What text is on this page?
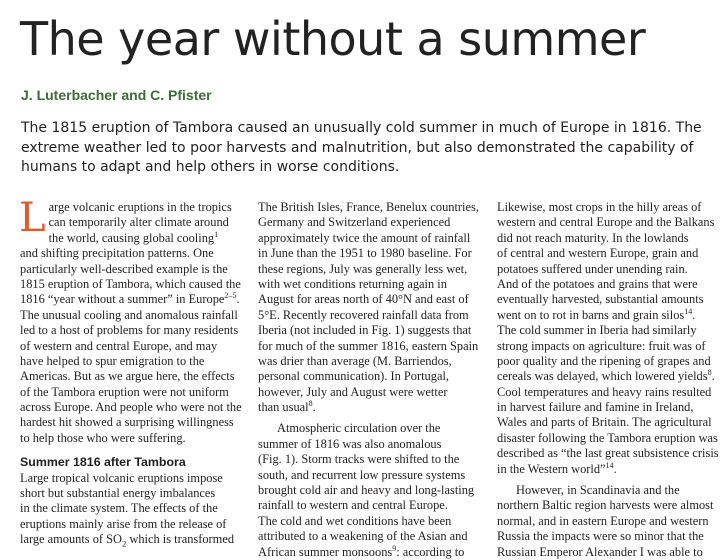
The year without a summer
J. Luterbacher and C. Pfister

The 1815 eruption of Tambora caused an unusually cold summer in much of Europe in 1816. The extreme weather led to poor harvests and malnutrition, but also demonstrated the capability of humans to adapt and help others in worse conditions.

L arge volcanic eruptions in the tropics
can temporarily alter climate around
the world, causing global cooling$^1$
and shifting precipitation patterns. One
particularly well-described example is the
1815 eruption of Tambora, which caused the
1816 “year without a summer” in Europe$^{2-5}$.
The unusual cooling and anomalous rainfall
led to a host of problems for many residents
of western and central Europe, and may
have helped to spur emigration to the
Americas. But as we argue here, the effects
of the Tambora eruption were not uniform
across Europe. And people who were not the
hardest hit showed a surprising willingness
to help those who were suffering.
Summer 1816 after Tambora
Large tropical volcanic eruptions impose
short but substantial energy imbalances
in the climate system. The effects of the
eruptions mainly arise from the release of
large amounts of $SO_2$ which is transformed
The British Isles, France, Benelux countries,
Germany and Switzerland experienced
approximately twice the amount of rainfall
in June than the 1951 to 1980 baseline. For
these regions, July was generally less wet,
with wet conditions returning again in
August for areas north of 40°N and east of
5°E. Recently recovered rainfall data from
Iberia (not included in Fig. 1) suggests that
for much of the summer 1816, eastern Spain
was drier than average (M. Barriendos,
personal communication). In Portugal,
however, July and August were wetter
than usual$^8$.
Atmospheric circulation over the
summer of 1816 was also anomalous
(Fig. 1). Storm tracks were shifted to the
south, and recurrent low pressure systems
brought cold air and heavy and long-lasting
rainfall to western and central Europe.
The cold and wet conditions have been
attributed to a weakening of the Asian and
African summer monsoons$^9$: according to
Likewise, most crops in the hilly areas of
western and central Europe and the Balkans
did not reach maturity. In the lowlands
of central and western Europe, grain and
potatoes suffered under unending rain.
And of the potatoes and grains that were
eventually harvested, substantial amounts
went on to rot in barns and grain silos$^{14}$.
The cold summer in Iberia had similarly
strong impacts on agriculture: fruit was of
poor quality and the ripening of grapes and
cereals was delayed, which lowered yields$^8$.
Cool temperatures and heavy rains resulted
in harvest failure and famine in Ireland,
Wales and parts of Britain. The agricultural
disaster following the Tambora eruption was
described as “the last great subsistence crisis
in the Western world”$^{14}$.
However, in Scandinavia and the
northern Baltic region harvests were almost
normal, and in eastern Europe and western
Russia the impacts were so minor that the
Russian Emperor Alexander I was able to
